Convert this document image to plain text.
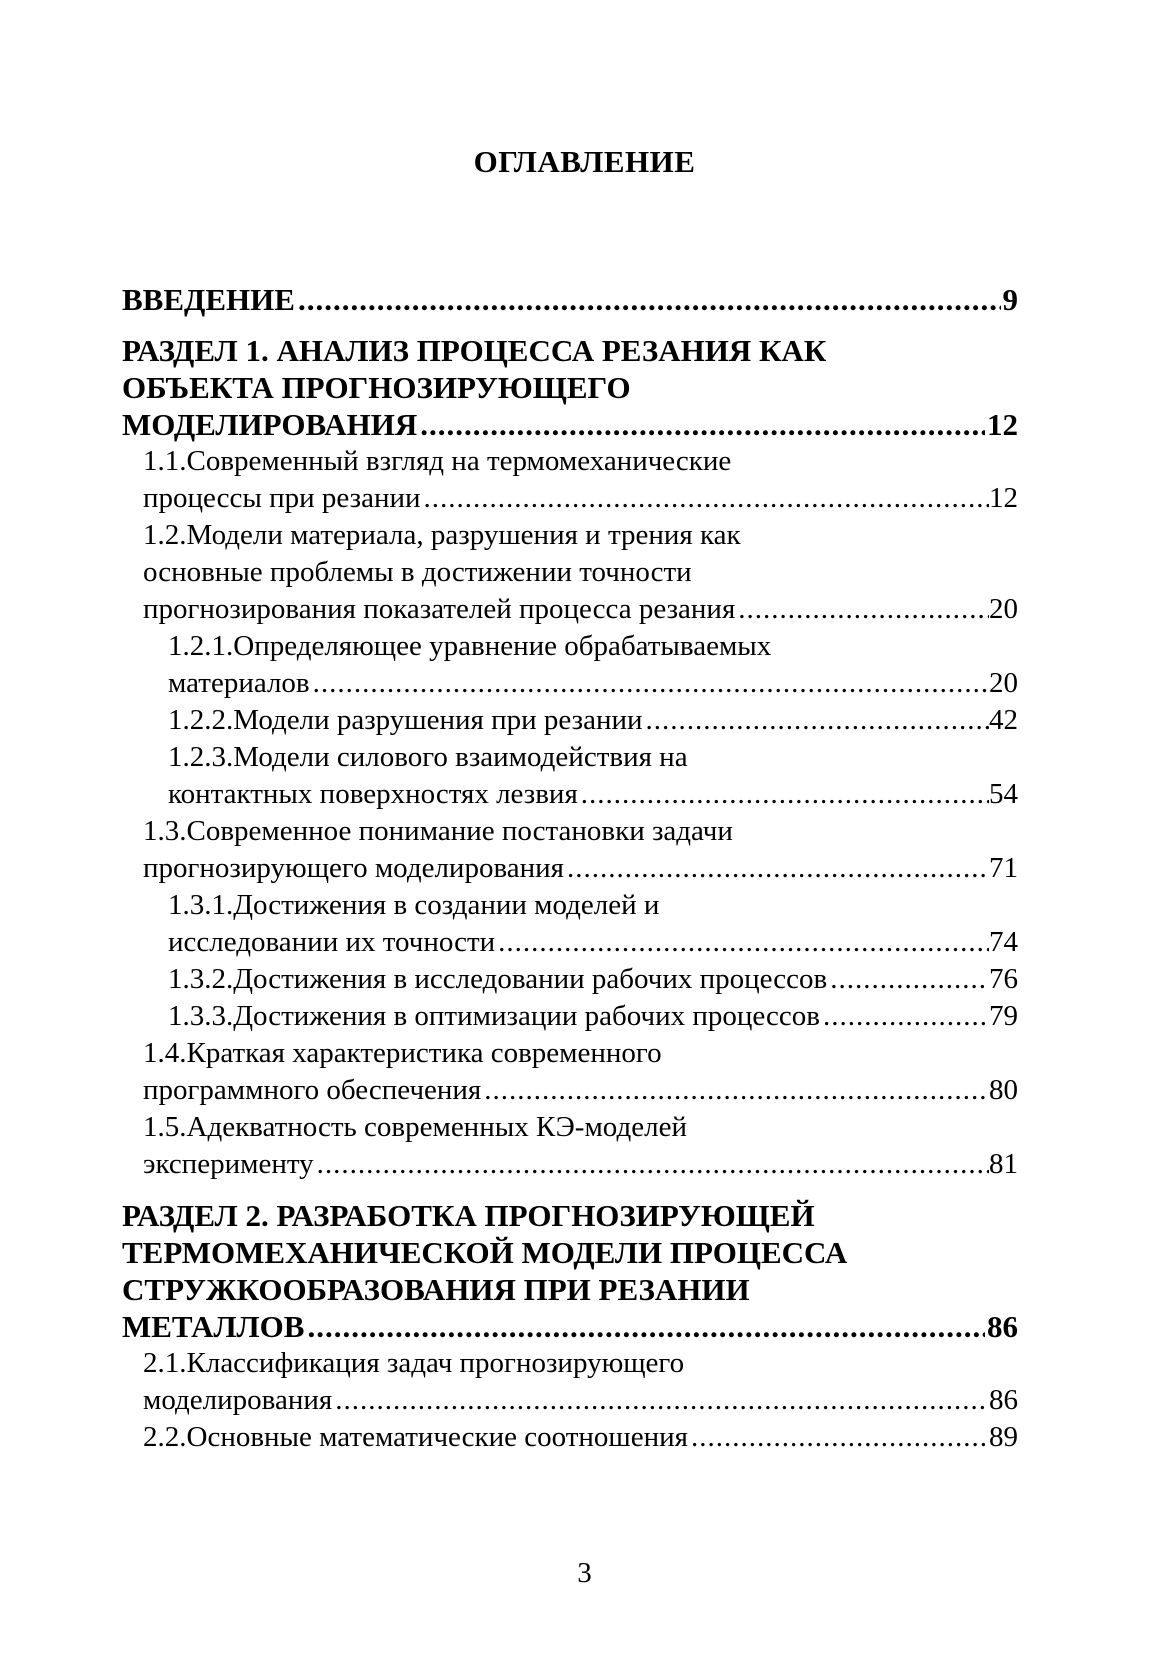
ОГЛАВЛЕНИЕ
ВВЕДЕНИЕ .....	9
РАЗДЕЛ 1. АНАЛИЗ ПРОЦЕССА РЕЗАНИЯ КАК
ОБЪЕКТА ПРОГНОЗИРУЮЩЕГО
МОДЕЛИРОВАНИЯ .....	12
1.1.Современный взгляд на термомеханические
процессы при резании .....	12
1.2.Модели материала, разрушения и трения как
основные проблемы в достижении точности
прогнозирования показателей процесса резания .....	20
1.2.1.Определяющее уравнение обрабатываемых
материалов .....	20
1.2.2.Модели разрушения при резании .....	42
1.2.3.Модели силового взаимодействия на
контактных поверхностях лезвия .....	54
1.3.Современное понимание постановки задачи
прогнозирующего моделирования .....	71
1.3.1.Достижения в создании моделей и
исследовании их точности .....	74
1.3.2.Достижения в исследовании рабочих процессов .....	76
1.3.3.Достижения в оптимизации рабочих процессов .....	79
1.4.Краткая характеристика современного
программного обеспечения .....	80
1.5.Адекватность современных КЭ-моделей
эксперименту .....	81
РАЗДЕЛ 2. РАЗРАБОТКА ПРОГНОЗИРУЮЩЕЙ
ТЕРМОМЕХАНИЧЕСКОЙ МОДЕЛИ ПРОЦЕССА
СТРУЖКООБРАЗОВАНИЯ ПРИ РЕЗАНИИ
МЕТАЛЛОВ .....	86
2.1.Классификация задач прогнозирующего
моделирования .....	86
2.2.Основные математические соотношения .....	89
3
